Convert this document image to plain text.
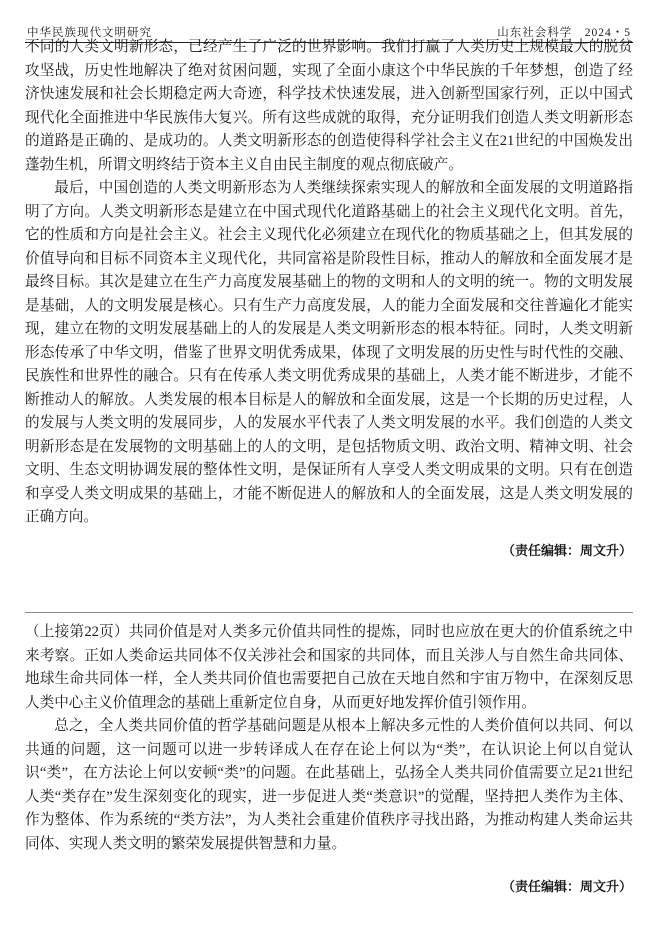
中华民族现代文明研究	山东社会科学　2024・5

不同的人类文明新形态，已经产生了广泛的世界影响。我们打赢了人类历史上规模最大的脱贫攻坚战，历史性地解决了绝对贫困问题，实现了全面小康这个中华民族的千年梦想，创造了经济快速发展和社会长期稳定两大奇迹，科学技术快速发展，进入创新型国家行列，正以中国式现代化全面推进中华民族伟大复兴。所有这些成就的取得，充分证明我们创造人类文明新形态的道路是正确的、是成功的。人类文明新形态的创造使得科学社会主义在21世纪的中国焕发出蓬勃生机，所谓文明终结于资本主义自由民主制度的观点彻底破产。

最后，中国创造的人类文明新形态为人类继续探索实现人的解放和全面发展的文明道路指明了方向。人类文明新形态是建立在中国式现代化道路基础上的社会主义现代化文明。首先，它的性质和方向是社会主义。社会主义现代化必须建立在现代化的物质基础之上，但其发展的价值导向和目标不同资本主义现代化，共同富裕是阶段性目标，推动人的解放和全面发展才是最终目标。其次是建立在生产力高度发展基础上的物的文明和人的文明的统一。物的文明发展是基础，人的文明发展是核心。只有生产力高度发展，人的能力全面发展和交往普遍化才能实现，建立在物的文明发展基础上的人的发展是人类文明新形态的根本特征。同时，人类文明新形态传承了中华文明，借鉴了世界文明优秀成果，体现了文明发展的历史性与时代性的交融、民族性和世界性的融合。只有在传承人类文明优秀成果的基础上，人类才能不断进步，才能不断推动人的解放。人类发展的根本目标是人的解放和全面发展，这是一个长期的历史过程，人的发展与人类文明的发展同步，人的发展水平代表了人类文明发展的水平。我们创造的人类文明新形态是在发展物的文明基础上的人的文明，是包括物质文明、政治文明、精神文明、社会文明、生态文明协调发展的整体性文明，是保证所有人享受人类文明成果的文明。只有在创造和享受人类文明成果的基础上，才能不断促进人的解放和人的全面发展，这是人类文明发展的正确方向。

（责任编辑：周文升）

（上接第22页）共同价值是对人类多元价值共同性的提炼，同时也应放在更大的价值系统之中来考察。正如人类命运共同体不仅关涉社会和国家的共同体，而且关涉人与自然生命共同体、地球生命共同体一样，全人类共同价值也需要把自己放在天地自然和宇宙万物中，在深刻反思人类中心主义价值理念的基础上重新定位自身，从而更好地发挥价值引领作用。

总之，全人类共同价值的哲学基础问题是从根本上解决多元性的人类价值何以共同、何以共通的问题，这一问题可以进一步转译成人在存在论上何以为“类”，在认识论上何以自觉认识“类”，在方法论上何以安顿“类”的问题。在此基础上，弘扬全人类共同价值需要立足21世纪人类“类存在”发生深刻变化的现实，进一步促进人类“类意识”的觉醒，坚持把人类作为主体、作为整体、作为系统的“类方法”，为人类社会重建价值秩序寻找出路，为推动构建人类命运共同体、实现人类文明的繁荣发展提供智慧和力量。

（责任编辑：周文升）
